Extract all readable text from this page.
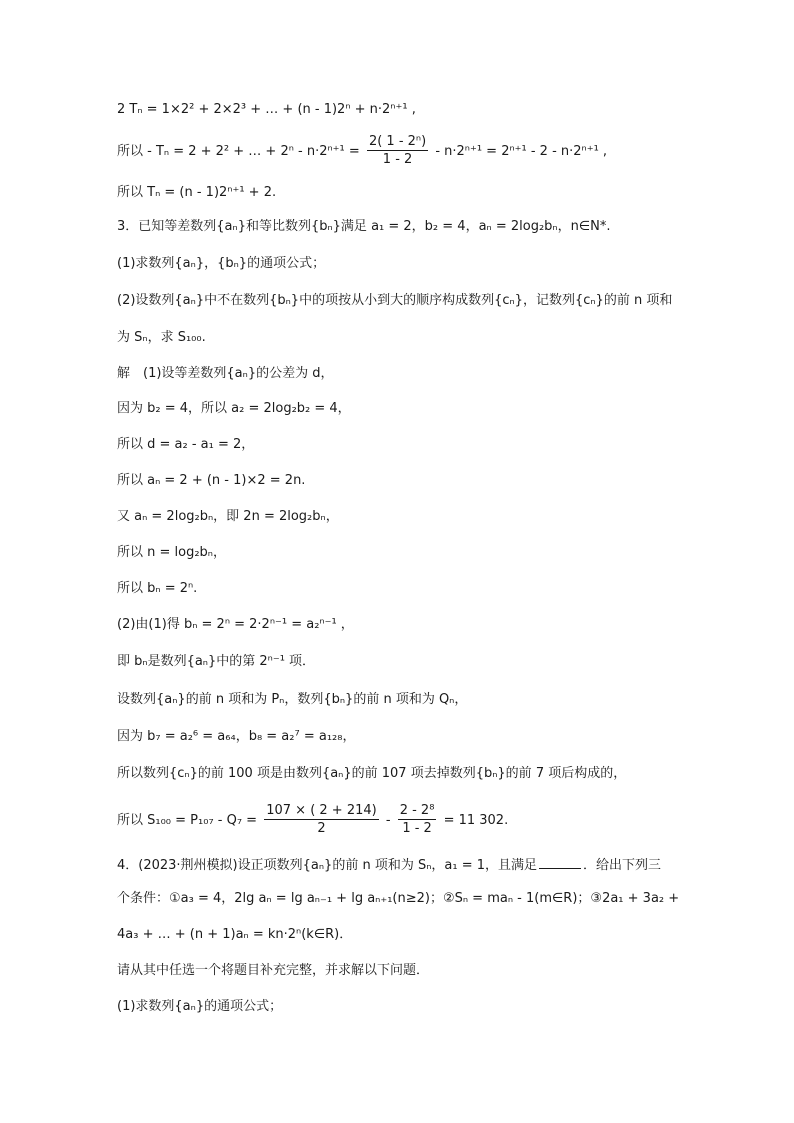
2 Tₙ = 1×2² + 2×2³ + … + (n - 1)2ⁿ + n·2ⁿ⁺¹ ,
所以 - Tₙ = 2 + 2² + … + $2^n - n\cdot 2^{n+1} = \frac{\text{2( 1 - 2ⁿ)}}{1 - 2} - n\cdot 2^{n+1} = 2^{n+1} - 2 - n\cdot 2^{n+1}$ ,
所以 Tₙ = (n - 1)2ⁿ⁺¹ + 2.
3．已知等差数列{aₙ}和等比数列{bₙ}满足 a₁ = 2，b₂ = 4，aₙ = 2log₂bₙ，n∈N*.
(1)求数列{aₙ}，{bₙ}的通项公式；
(2)设数列{aₙ}中不在数列{bₙ}中的项按从小到大的顺序构成数列{cₙ}，记数列{cₙ}的前 n 项和
为 Sₙ，求 S₁₀₀.
解　(1)设等差数列{aₙ}的公差为 d，
因为 b₂ = 4，所以 a₂ = 2log₂b₂ = 4，
所以 d = a₂ - a₁ = 2，
所以 aₙ = 2 + (n - 1)×2 = 2n.
又 aₙ = 2log₂bₙ，即 2n = 2log₂bₙ，
所以 n = log₂bₙ，
所以 bₙ = 2ⁿ.
(2)由(1)得 bₙ = 2ⁿ = 2·2ⁿ⁻¹ = a₂ⁿ⁻¹ ，
即 bₙ是数列{aₙ}中的第 2ⁿ⁻¹ 项．
设数列{aₙ}的前 n 项和为 Pₙ，数列{bₙ}的前 n 项和为 Qₙ，
因为 b₇ = a₂⁶ = a₆₄，b₈ = a₂⁷ = a₁₂₈，
所以数列{cₙ}的前 100 项是由数列{aₙ}的前 107 项去掉数列{bₙ}的前 7 项后构成的，
所以 $S_{100} = P_{107} - Q_7 = \frac{107 \times ( 2 + 214)}{2} - \frac{\text{2 - 2⁸}}{1 - 2} = 11$ 302.
4．(2023·荆州模拟)设正项数列{aₙ}的前 n 项和为 Sₙ，a₁ = 1，且满足	．给出下列三
个条件：①a₃ = 4，2lg aₙ = lg aₙ₋₁ + lg aₙ₊₁(n≥2)；②Sₙ = maₙ - 1(m∈R)；③2a₁ + 3a₂ +
4a₃ + … + (n + 1)aₙ = kn·2ⁿ(k∈R)．
请从其中任选一个将题目补充完整，并求解以下问题．
(1)求数列{aₙ}的通项公式；
